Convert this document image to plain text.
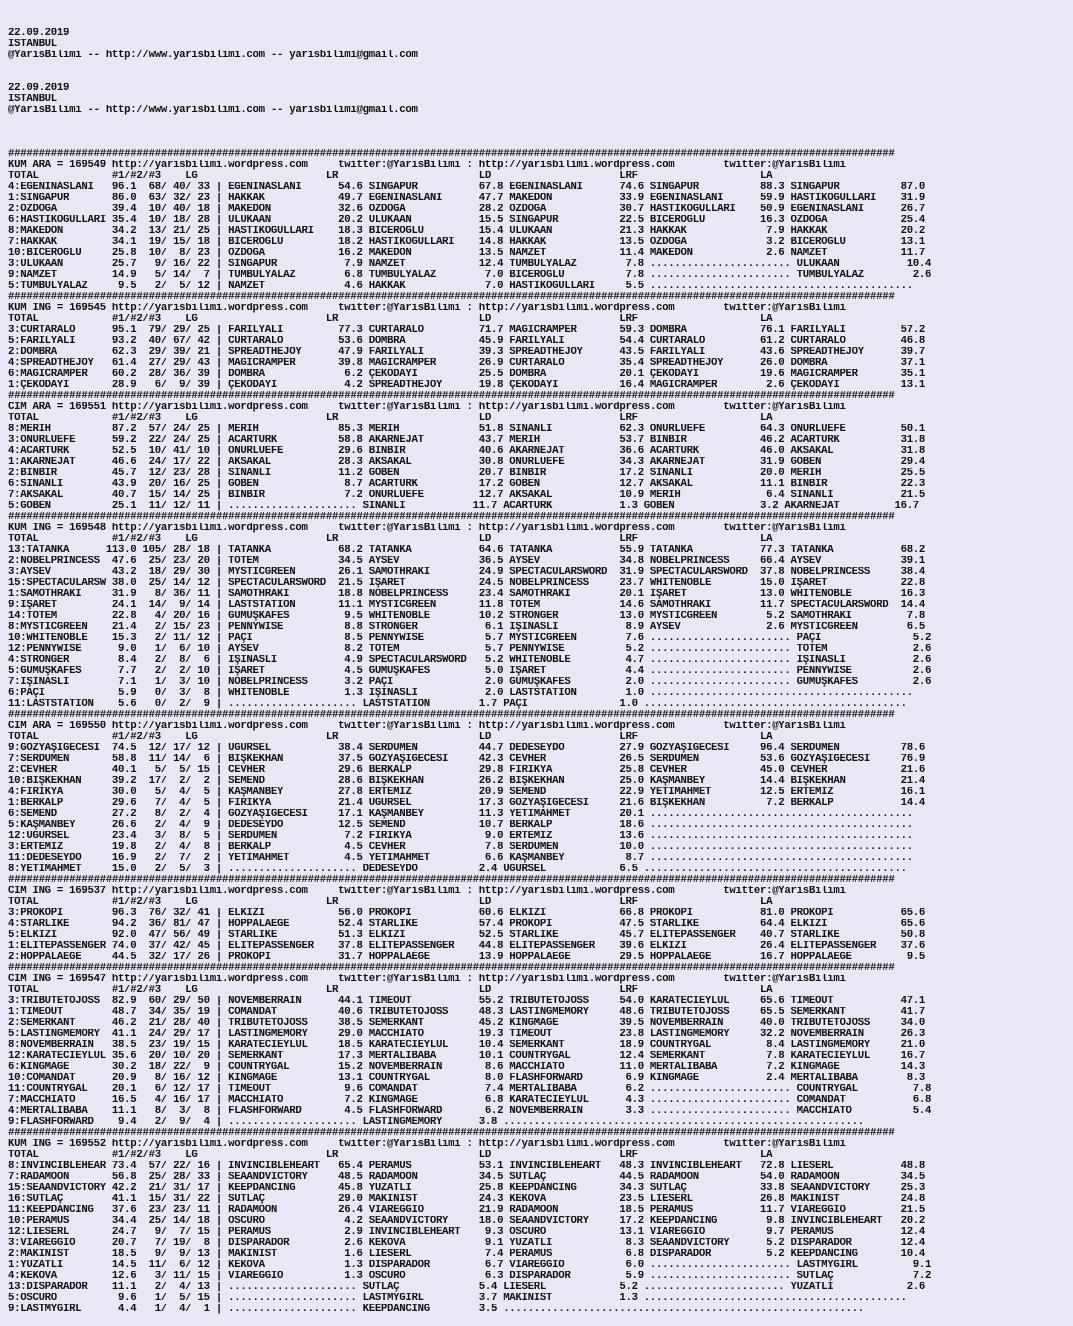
22.09.2019
ISTANBUL
@YarisBilimi -- http://www.yarisbilimi.com -- yarisbilimi@gmail.com
22.09.2019
ISTANBUL
@YarisBilimi -- http://www.yarisbilimi.com -- yarisbilimi@gmail.com

#################################################################################################################################################
KUM ARA = 169549 http://yarisbilimi.wordpress.com     twitter:@YarisBilimi : http://yarisbilimi.wordpress.com        twitter:@YarisBilimi
TOTAL            #1/#2/#3    LG                     LR                       LD                     LRF                    LA
4:EGENİNASLANI   96.1  68/ 40/ 33 | EGENİNASLANI      54.6 SİNGAPUR          67.8 EGENİNASLANI      74.6 SİNGAPUR          88.3 SİNGAPUR          87.0
1:SİNGAPUR       86.0  63/ 32/ 23 | HAKKAK            49.7 EGENİNASLANI      47.7 MAKEDON           33.9 EGENİNASLANI      59.9 HASTİKOĞULLARI    31.9
2:ÖZDOĞA         39.4  10/ 40/ 18 | MAKEDON           32.6 ÖZDOĞA            28.2 ÖZDOĞA            30.7 HASTİKOĞULLARI    50.9 EGENİNASLANI      26.7
6:HASTİKOĞULLARI 35.4  10/ 18/ 28 | ULUKAAN           20.2 ULUKAAN           15.5 SİNGAPUR          22.5 BİCEROĞLU         16.3 ÖZDOĞA            25.4
8:MAKEDON        34.2  13/ 21/ 25 | HASTİKOĞULLARI    18.3 BİCEROĞLU         15.4 ULUKAAN           21.3 HAKKAK             7.9 HAKKAK            20.2
7:HAKKAK         34.1  19/ 15/ 18 | BİCEROĞLU         18.2 HASTİKOĞULLARI    14.8 HAKKAK            13.5 ÖZDOĞA             3.2 BİCEROĞLU         13.1
10:BİCEROĞLU     25.8  10/  8/ 23 | ÖZDOĞA            16.2 MAKEDON           13.5 NAMZET            11.4 MAKEDON            2.6 NAMZET            11.7
3:ULUKAAN        25.7   9/ 16/ 22 | SİNGAPUR           7.9 NAMZET            12.4 TUMBULYALAZ        7.8 ....................... ULUKAAN           10.4
9:NAMZET         14.9   5/ 14/  7 | TUMBULYALAZ        6.8 TUMBULYALAZ        7.0 BİCEROĞLU          7.8 ....................... TUMBULYALAZ        2.6
5:TUMBULYALAZ     9.5   2/  5/ 12 | NAMZET             4.6 HAKKAK             7.0 HASTİKOĞULLARI     5.5 ...........................................
#################################################################################################################################################
KUM ING = 169545 http://yarisbilimi.wordpress.com     twitter:@YarisBilimi : http://yarisbilimi.wordpress.com        twitter:@YarisBilimi
TOTAL            #1/#2/#3    LG                     LR                       LD                     LRF                    LA
3:CURTARALO      95.1  79/ 29/ 25 | FARİLYALİ         77.3 CURTARALO         71.7 MAGİCRAMPER       59.3 DOMBRA            76.1 FARİLYALİ         57.2
5:FARİLYALİ      93.2  40/ 67/ 42 | CURTARALO         53.6 DOMBRA            45.9 FARİLYALİ         54.4 CURTARALO         61.2 CURTARALO         46.8
2:DOMBRA         62.3  29/ 39/ 21 | SPREADTHEJOY      47.9 FARİLYALİ         39.3 SPREADTHEJOY      43.5 FARİLYALİ         43.6 SPREADTHEJOY      39.7
4:SPREADTHEJOY   61.4  27/ 29/ 43 | MAGİCRAMPER       39.8 MAGİCRAMPER       26.9 CURTARALO         35.4 SPREADTHEJOY      26.0 DOMBRA            37.1
6:MAGİCRAMPER    60.2  28/ 36/ 39 | DOMBRA             6.2 ÇEKODAYI          25.5 DOMBRA            20.1 ÇEKODAYI          19.6 MAGİCRAMPER       35.1
1:ÇEKODAYI       28.9   6/  9/ 39 | ÇEKODAYI           4.2 SPREADTHEJOY      19.8 ÇEKODAYI          16.4 MAGİCRAMPER        2.6 ÇEKODAYI          13.1
#################################################################################################################################################
CIM ARA = 169551 http://yarisbilimi.wordpress.com     twitter:@YarisBilimi : http://yarisbilimi.wordpress.com        twitter:@YarisBilimi
TOTAL            #1/#2/#3    LG                     LR                       LD                     LRF                    LA
8:MERİH          87.2  57/ 24/ 25 | MERİH             85.3 MERİH             51.8 SİNANLI           62.3 ONURLUEFE         64.3 ONURLUEFE         50.1
3:ONURLUEFE      59.2  22/ 24/ 25 | ACARTÜRK          58.8 AKARNEJAT         43.7 MERİH             53.7 BİNBİR            46.2 ACARTÜRK          31.8
4:ACARTÜRK       52.5  10/ 41/ 10 | ONURLUEFE         29.6 BİNBİR            40.6 AKARNEJAT         36.6 ACARTÜRK          46.0 AKSAKAL           31.8
1:AKARNEJAT      46.6  24/ 17/ 22 | AKSAKAL           28.3 AKSAKAL           30.8 ONURLUEFE         34.3 AKARNEJAT         31.9 GOBEN             29.4
2:BİNBİR         45.7  12/ 23/ 28 | SİNANLI           11.2 GOBEN             20.7 BİNBİR            17.2 SİNANLI           20.0 MERİH             25.5
6:SİNANLI        43.9  20/ 16/ 25 | GOBEN              8.7 ACARTÜRK          17.2 GOBEN             12.7 AKSAKAL           11.1 BİNBİR            22.3
7:AKSAKAL        40.7  15/ 14/ 25 | BİNBİR             7.2 ONURLUEFE         12.7 AKSAKAL           10.9 MERİH              6.4 SİNANLI           21.5
5:GOBEN          25.1  11/ 12/ 11 | ..................... SİNANLI           11.7 ACARTÜRK           1.3 GOBEN              3.2 AKARNEJAT         16.7
#################################################################################################################################################
KUM ING = 169548 http://yarisbilimi.wordpress.com     twitter:@YarisBilimi : http://yarisbilimi.wordpress.com        twitter:@YarisBilimi
TOTAL            #1/#2/#3    LG                     LR                       LD                     LRF                    LA
13:TATANKA      113.0 105/ 28/ 18 | TATANKA           68.2 TATANKA           64.6 TATANKA           55.9 TATANKA           77.3 TATANKA           68.2
2:NOBELPRINCESS  47.6  25/ 23/ 20 | TOTEM             34.5 AYSEV             36.5 AYSEV             34.8 NOBELPRINCESS     66.4 AYSEV             39.1
3:AYSEV          43.2  18/ 29/ 30 | MYSTICGREEN       26.1 SAMOTHRAKI        24.9 SPECTACULARSWORD  31.9 SPECTACULARSWORD  37.8 NOBELPRINCESS     38.4
15:SPECTACULARSW 38.0  25/ 14/ 12 | SPECTACULARSWORD  21.5 İŞARET            24.5 NOBELPRINCESS     23.7 WHITENOBLE        15.0 İŞARET            22.8
1:SAMOTHRAKI     31.9   8/ 36/ 11 | SAMOTHRAKI        18.8 NOBELPRINCESS     23.4 SAMOTHRAKI        20.1 İŞARET            13.0 WHITENOBLE        16.3
9:İŞARET         24.1  14/  9/ 14 | LASTSTATION       11.1 MYSTICGREEN       11.8 TOTEM             14.6 SAMOTHRAKI        11.7 SPECTACULARSWORD  14.4
14:TOTEM         22.8   4/ 20/ 16 | GÜMÜŞKAFES         9.5 WHITENOBLE        10.2 STRONGER          13.0 MYSTICGREEN        5.2 SAMOTHRAKI         7.8
8:MYSTICGREEN    21.4   2/ 15/ 23 | PENNYWISE          8.8 STRONGER           6.1 İŞINASLI           8.9 AYSEV              2.6 MYSTICGREEN        6.5
10:WHITENOBLE    15.3   2/ 11/ 12 | PAÇİ               8.5 PENNYWISE          5.7 MYSTICGREEN        7.6 ....................... PAÇİ               5.2
12:PENNYWISE      9.0   1/  6/ 10 | AYSEV              8.2 TOTEM              5.7 PENNYWISE          5.2 ....................... TOTEM              2.6
4:STRONGER        8.4   2/  8/  6 | İŞINASLI           4.9 SPECTACULARSWORD   5.2 WHITENOBLE         4.7 ....................... İŞINASLI           2.6
5:GÜMÜŞKAFES      7.7   2/  2/ 10 | İŞARET             4.5 GÜMÜŞKAFES         5.0 İŞARET             4.4 ....................... PENNYWISE          2.6
7:İŞINASLI        7.1   1/  3/ 10 | NOBELPRINCESS      3.2 PAÇİ               2.0 GÜMÜŞKAFES         2.0 ....................... GÜMÜŞKAFES         2.6
6:PAÇİ            5.9   0/  3/  8 | WHITENOBLE         1.3 İŞINASLI           2.0 LASTSTATION        1.0 ...........................................
11:LASTSTATION    5.6   0/  2/  9 | ..................... LASTSTATION        1.7 PAÇİ               1.0 ...........................................
#################################################################################################################################################
CIM ARA = 169550 http://yarisbilimi.wordpress.com     twitter:@YarisBilimi : http://yarisbilimi.wordpress.com        twitter:@YarisBilimi
TOTAL            #1/#2/#3    LG                     LR                       LD                     LRF                    LA
9:GÖZYAŞIGECESİ  74.5  12/ 17/ 12 | UĞURSEL           38.4 SERDÜMEN          44.7 DEDESEYDO         27.9 GÖZYAŞIGECESİ     96.4 SERDÜMEN          78.6
7:SERDÜMEN       58.8  11/ 14/  6 | BİŞKEKHAN         37.5 GÖZYAŞIGECESİ     42.3 CEVHER            26.5 SERDÜMEN          53.6 GÖZYAŞIGECESİ     76.9
2:CEVHER         40.1   5/  5/ 15 | CEVHER            29.6 BERKALP           29.8 FİRİKYA           25.8 CEVHER            45.0 CEVHER            21.6
10:BİŞKEKHAN     39.2  17/  2/  2 | SEMEND            28.6 BİŞKEKHAN         26.2 BİŞKEKHAN         25.0 KAŞMANBEY         14.4 BİŞKEKHAN         21.4
4:FİRİKYA        30.0   5/  4/  5 | KAŞMANBEY         27.8 ERTEMİZ           20.9 SEMEND            22.9 YETİMAHMET        12.5 ERTEMİZ           16.1
1:BERKALP        29.6   7/  4/  5 | FİRİKYA           21.4 UĞURSEL           17.3 GÖZYAŞIGECESİ     21.6 BİŞKEKHAN          7.2 BERKALP           14.4
6:SEMEND         27.2   8/  2/  4 | GÖZYAŞIGECESİ     17.1 KAŞMANBEY         11.3 YETİMAHMET        20.1 ...........................................
5:KAŞMANBEY      26.6   2/  4/  9 | DEDESEYDO         12.5 SEMEND            10.7 BERKALP           18.6 ...........................................
12:UĞURSEL       23.4   3/  8/  5 | SERDÜMEN           7.2 FİRİKYA            9.0 ERTEMİZ           13.6 ...........................................
3:ERTEMİZ        19.8   2/  4/  8 | BERKALP            4.5 CEVHER             7.8 SERDÜMEN          10.0 ...........................................
11:DEDESEYDO     16.9   2/  7/  2 | YETİMAHMET         4.5 YETİMAHMET         6.6 KAŞMANBEY          8.7 ...........................................
8:YETİMAHMET     15.0   2/  5/  3 | ..................... DEDESEYDO          2.4 UĞURSEL            6.5 ...........................................
#################################################################################################################################################
CIM ING = 169537 http://yarisbilimi.wordpress.com     twitter:@YarisBilimi : http://yarisbilimi.wordpress.com        twitter:@YarisBilimi
TOTAL            #1/#2/#3    LG                     LR                       LD                     LRF                    LA
3:PROKOPİ        96.3  76/ 32/ 41 | ELKIZI            56.0 PROKOPİ           60.6 ELKIZI            66.8 PROKOPİ           81.0 PROKOPİ           65.6
4:STARLIKE       94.2  36/ 81/ 47 | HOPPALAEGE        52.4 STARLIKE          57.4 PROKOPİ           47.5 STARLIKE          64.4 ELKIZI            65.6
5:ELKIZI         92.0  47/ 56/ 49 | STARLIKE          51.3 ELKIZI            52.5 STARLIKE          45.7 ELITEPASSENGER    40.7 STARLIKE          50.8
1:ELITEPASSENGER 74.0  37/ 42/ 45 | ELITEPASSENGER    37.8 ELITEPASSENGER    44.8 ELITEPASSENGER    39.6 ELKIZI            26.4 ELITEPASSENGER    37.6
2:HOPPALAEGE     44.5  32/ 17/ 26 | PROKOPİ           31.7 HOPPALAEGE        13.9 HOPPALAEGE        29.5 HOPPALAEGE        16.7 HOPPALAEGE         9.5
#################################################################################################################################################
CIM ING = 169547 http://yarisbilimi.wordpress.com     twitter:@YarisBilimi : http://yarisbilimi.wordpress.com        twitter:@YarisBilimi
TOTAL            #1/#2/#3    LG                     LR                       LD                     LRF                    LA
3:TRIBUTETOJOSS  82.9  60/ 29/ 50 | NOVEMBERRAIN      44.1 TIMEOUT           55.2 TRIBUTETOJOSS     54.0 KARATECİEYLÜL     65.6 TIMEOUT           47.1
1:TIMEOUT        48.7  34/ 35/ 19 | COMANDAT          40.6 TRIBUTETOJOSS     48.3 LASTINGMEMORY     48.6 TRIBUTETOJOSS     65.5 SEMERKANT         41.7
2:SEMERKANT      46.2  21/ 28/ 40 | TRIBUTETOJOSS     38.5 SEMERKANT         45.2 KINGMAGE          39.5 NOVEMBERRAIN      40.0 TRIBUTETOJOSS     34.0
5:LASTINGMEMORY  41.1  24/ 29/ 17 | LASTINGMEMORY     29.0 MACCHIATO         19.3 TIMEOUT           23.8 LASTINGMEMORY     32.2 NOVEMBERRAIN      26.3
8:NOVEMBERRAIN   38.5  23/ 19/ 15 | KARATECİEYLÜL     18.5 KARATECİEYLÜL     10.4 SEMERKANT         18.9 COUNTRYGAL         8.4 LASTINGMEMORY     21.0
12:KARATECİEYLÜL 35.6  20/ 10/ 20 | SEMERKANT         17.3 MERTALİBABA       10.1 COUNTRYGAL        12.4 SEMERKANT          7.8 KARATECİEYLÜL     16.7
6:KINGMAGE       30.2  18/ 22/  9 | COUNTRYGAL        15.2 NOVEMBERRAIN       8.6 MACCHIATO         11.0 MERTALİBABA        7.2 KINGMAGE          14.3
10:COMANDAT      20.9   8/ 16/ 12 | KINGMAGE          13.1 COUNTRYGAL         8.0 FLASHFORWARD       6.9 KINGMAGE           2.4 MERTALİBABA        8.3
11:COUNTRYGAL    20.1   6/ 12/ 17 | TIMEOUT            9.6 COMANDAT           7.4 MERTALİBABA        6.2 ....................... COUNTRYGAL         7.8
7:MACCHIATO      16.5   4/ 16/ 17 | MACCHIATO          7.2 KINGMAGE           6.8 KARATECİEYLÜL      4.3 ....................... COMANDAT           6.8
4:MERTALİBABA    11.1   8/  3/  8 | FLASHFORWARD       4.5 FLASHFORWARD       6.2 NOVEMBERRAIN       3.3 ....................... MACCHIATO          5.4
9:FLASHFORWARD    9.4   2/  9/  4 | ..................... LASTINGMEMORY      3.8 ...........................................................
#################################################################################################################################################
KUM ING = 169552 http://yarisbilimi.wordpress.com     twitter:@YarisBilimi : http://yarisbilimi.wordpress.com        twitter:@YarisBilimi
TOTAL            #1/#2/#3    LG                     LR                       LD                     LRF                    LA
8:INVINCIBLEHEAR 73.4  57/ 22/ 16 | INVINCIBLEHEART   65.4 PERAMUS           53.1 INVINCIBLEHEART   48.3 INVINCIBLEHEART   72.8 LIESERL           48.8
7:RADAMOON       56.8  25/ 28/ 33 | SEAANDVICTORY     48.5 RADAMOON          34.5 SUTLAÇ            44.5 RADAMOON          54.0 RADAMOON          34.5
15:SEAANDVICTORY 42.2  21/ 31/ 17 | KEEPDANCING       45.8 YUZATLİ           25.8 KEEPDANCING       34.3 SUTLAÇ            33.8 SEAANDVICTORY     25.3
16:SUTLAÇ        41.1  15/ 31/ 22 | SUTLAÇ            29.0 MAKINIST          24.3 KEKOVA            23.5 LIESERL           26.8 MAKINIST          24.8
11:KEEPDANCING   37.6  23/ 23/ 11 | RADAMOON          26.4 VIAREGGIO         21.9 RADAMOON          18.5 PERAMUS           11.7 VIAREGGIO         21.5
10:PERAMUS       34.4  25/ 14/ 18 | OSCURO             4.2 SEAANDVICTORY     18.0 SEAANDVICTORY     17.2 KEEPDANCING        9.8 INVINCIBLEHEART   20.2
12:LIESERL       24.7   9/  7/ 15 | PERAMUS            2.9 INVINCIBLEHEART    9.3 OSCURO            13.1 VIAREGGIO          9.7 PERAMUS           12.4
3:VIAREGGIO      20.7   7/ 19/  8 | DISPARADOR         2.6 KEKOVA             9.1 YUZATLİ            8.3 SEAANDVICTORY      5.2 DISPARADOR        12.4
2:MAKINIST       18.5   9/  9/ 13 | MAKINIST           1.6 LIESERL            7.4 PERAMUS            6.8 DISPARADOR         5.2 KEEPDANCING       10.4
1:YUZATLİ        14.5  11/  6/ 12 | KEKOVA             1.3 DISPARADOR         6.7 VIAREGGIO          6.0 ....................... LASTMYGIRL         9.1
4:KEKOVA         12.6   3/ 11/ 15 | VIAREGGIO          1.3 OSCURO             6.3 DISPARADOR         5.9 ....................... SUTLAÇ             7.2
13:DISPARADOR    11.1   2/  4/ 13 | ..................... SUTLAÇ             5.4 LIESERL            5.2 ....................... YUZATLİ            2.6
5:OSCURO          9.6   1/  5/ 15 | ..................... LASTMYGIRL         3.7 MAKINIST           1.3 ...........................................
9:LASTMYGIRL      4.4   1/  4/  1 | ..................... KEEPDANCING        3.5 ...........................................................
